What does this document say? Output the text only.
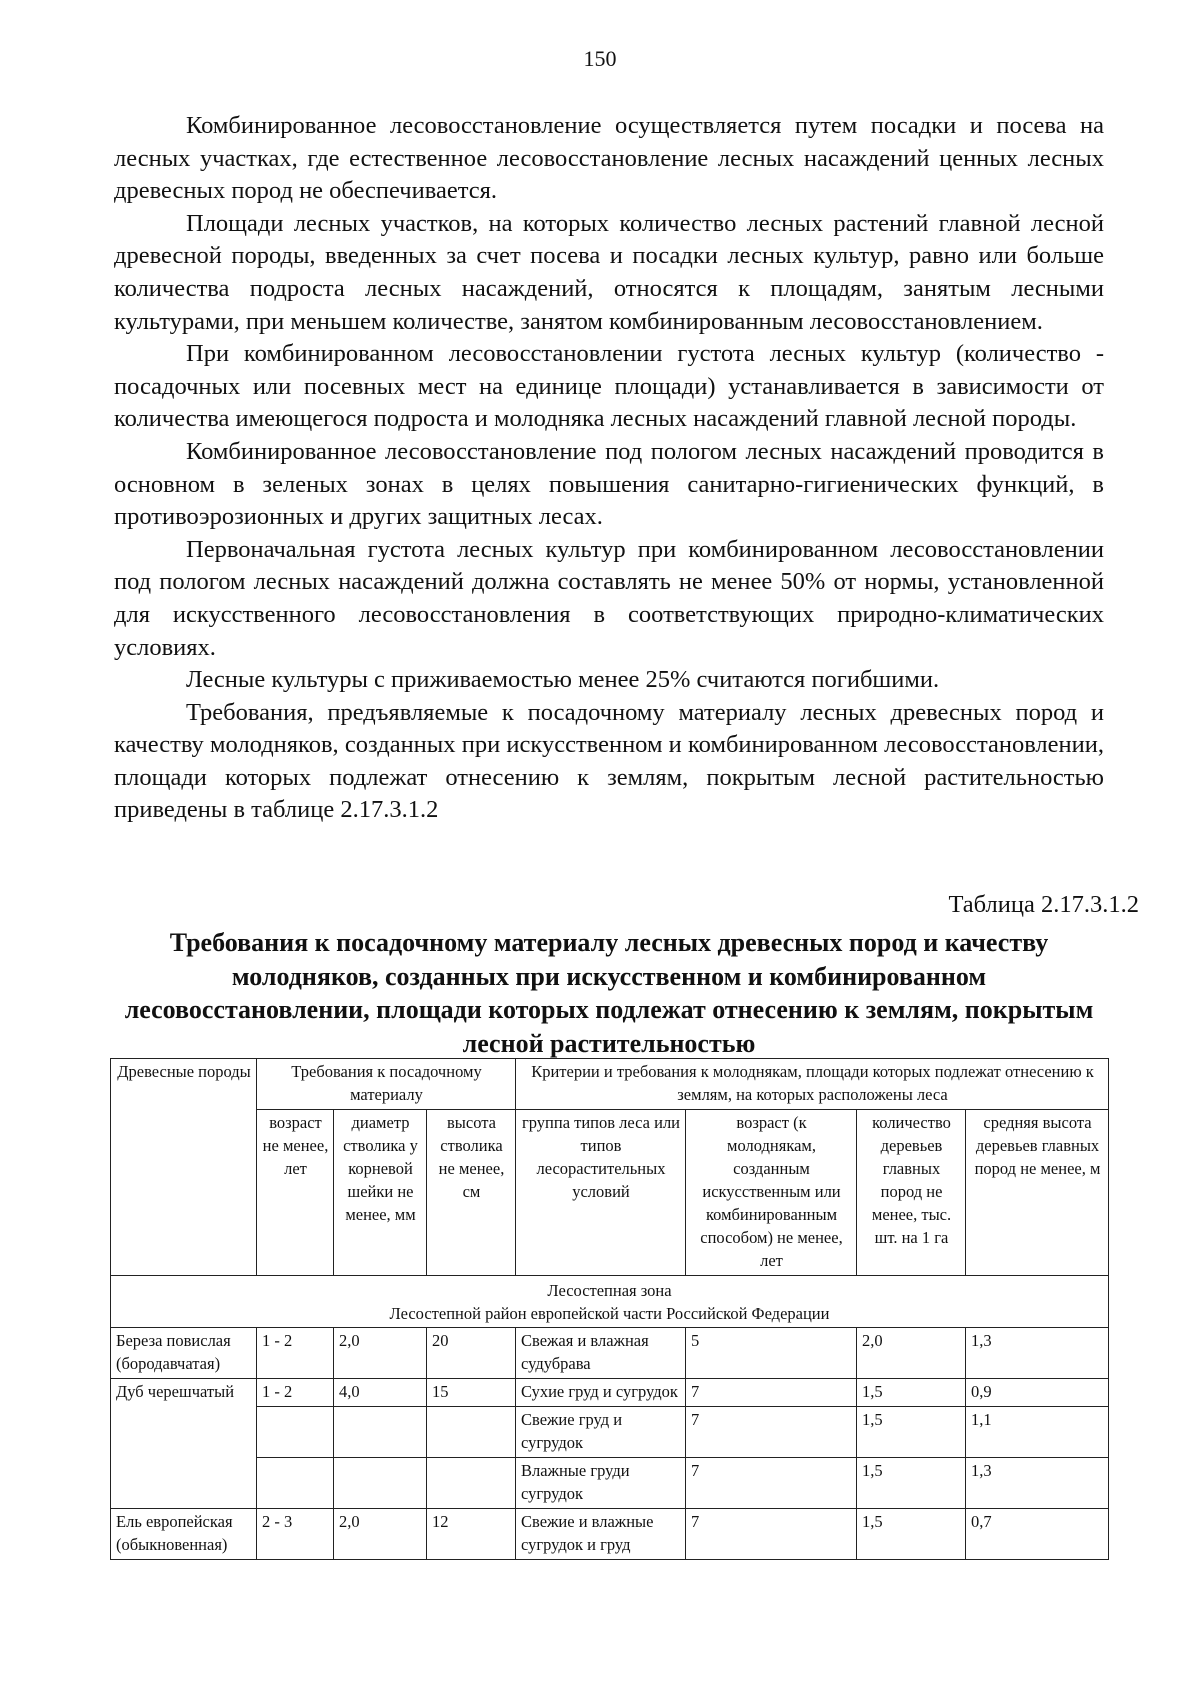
150

Комбинированное лесовосстановление осуществляется путем посадки и посева на лесных участках, где естественное лесовосстановление лесных насаждений ценных лесных древесных пород не обеспечивается.

Площади лесных участков, на которых количество лесных растений главной лесной древесной породы, введенных за счет посева и посадки лесных культур, равно или больше количества подроста лесных насаждений, относятся к площадям, занятым лесными культурами, при меньшем количестве, занятом комбинированным лесовосстановлением.

При комбинированном лесовосстановлении густота лесных культур (количество - посадочных или посевных мест на единице площади) устанавливается в зависимости от количества имеющегося подроста и молодняка лесных насаждений главной лесной породы.

Комбинированное лесовосстановление под пологом лесных насаждений проводится в основном в зеленых зонах в целях повышения санитарно-гигиенических функций, в противоэрозионных и других защитных лесах.

Первоначальная густота лесных культур при комбинированном лесовосстановлении под пологом лесных насаждений должна составлять не менее 50% от нормы, установленной для искусственного лесовосстановления в соответствующих природно-климатических условиях.

Лесные культуры с приживаемостью менее 25% считаются погибшими.

Требования, предъявляемые к посадочному материалу лесных древесных пород и качеству молодняков, созданных при искусственном и комбинированном лесовосстановлении, площади которых подлежат отнесению к землям, покрытым лесной растительностью приведены в таблице 2.17.3.1.2

Таблица 2.17.3.1.2
Требования к посадочному материалу лесных древесных пород и качеству молодняков, созданных при искусственном и комбинированном лесовосстановлении, площади которых подлежат отнесению к землям, покрытым лесной растительностью
Древесные породы	Требования к посадочному материалу			Критерии и требования к молоднякам, площади которых подлежат отнесению к землям, на которых расположены леса			
	возраст не менее, лет	диаметр стволика у корневой шейки не менее, мм	высота стволика не менее, см	группа типов леса или типов лесорастительных условий	возраст (к молоднякам, созданным искусственным или комбинированным способом) не менее, лет	количество деревьев главных пород не менее, тыс. шт. на 1 га	средняя высота деревьев главных пород не менее, м

Лесостепная зона
Лесостепной район европейской части Российской Федерации							

Береза повислая (бородавчатая)	1 - 2	2,0	20	Свежая и влажная судубрава	5	2,0	1,3
Дуб черешчатый	1 - 2	4,0	15	Сухие груд и сугрудок	7	1,5	0,9
				Свежие груд и сугрудок	7	1,5	1,1
				Влажные груди сугрудок	7	1,5	1,3
Ель европейская (обыкновенная)	2 - 3	2,0	12	Свежие и влажные сугрудок и груд	7	1,5	0,7
